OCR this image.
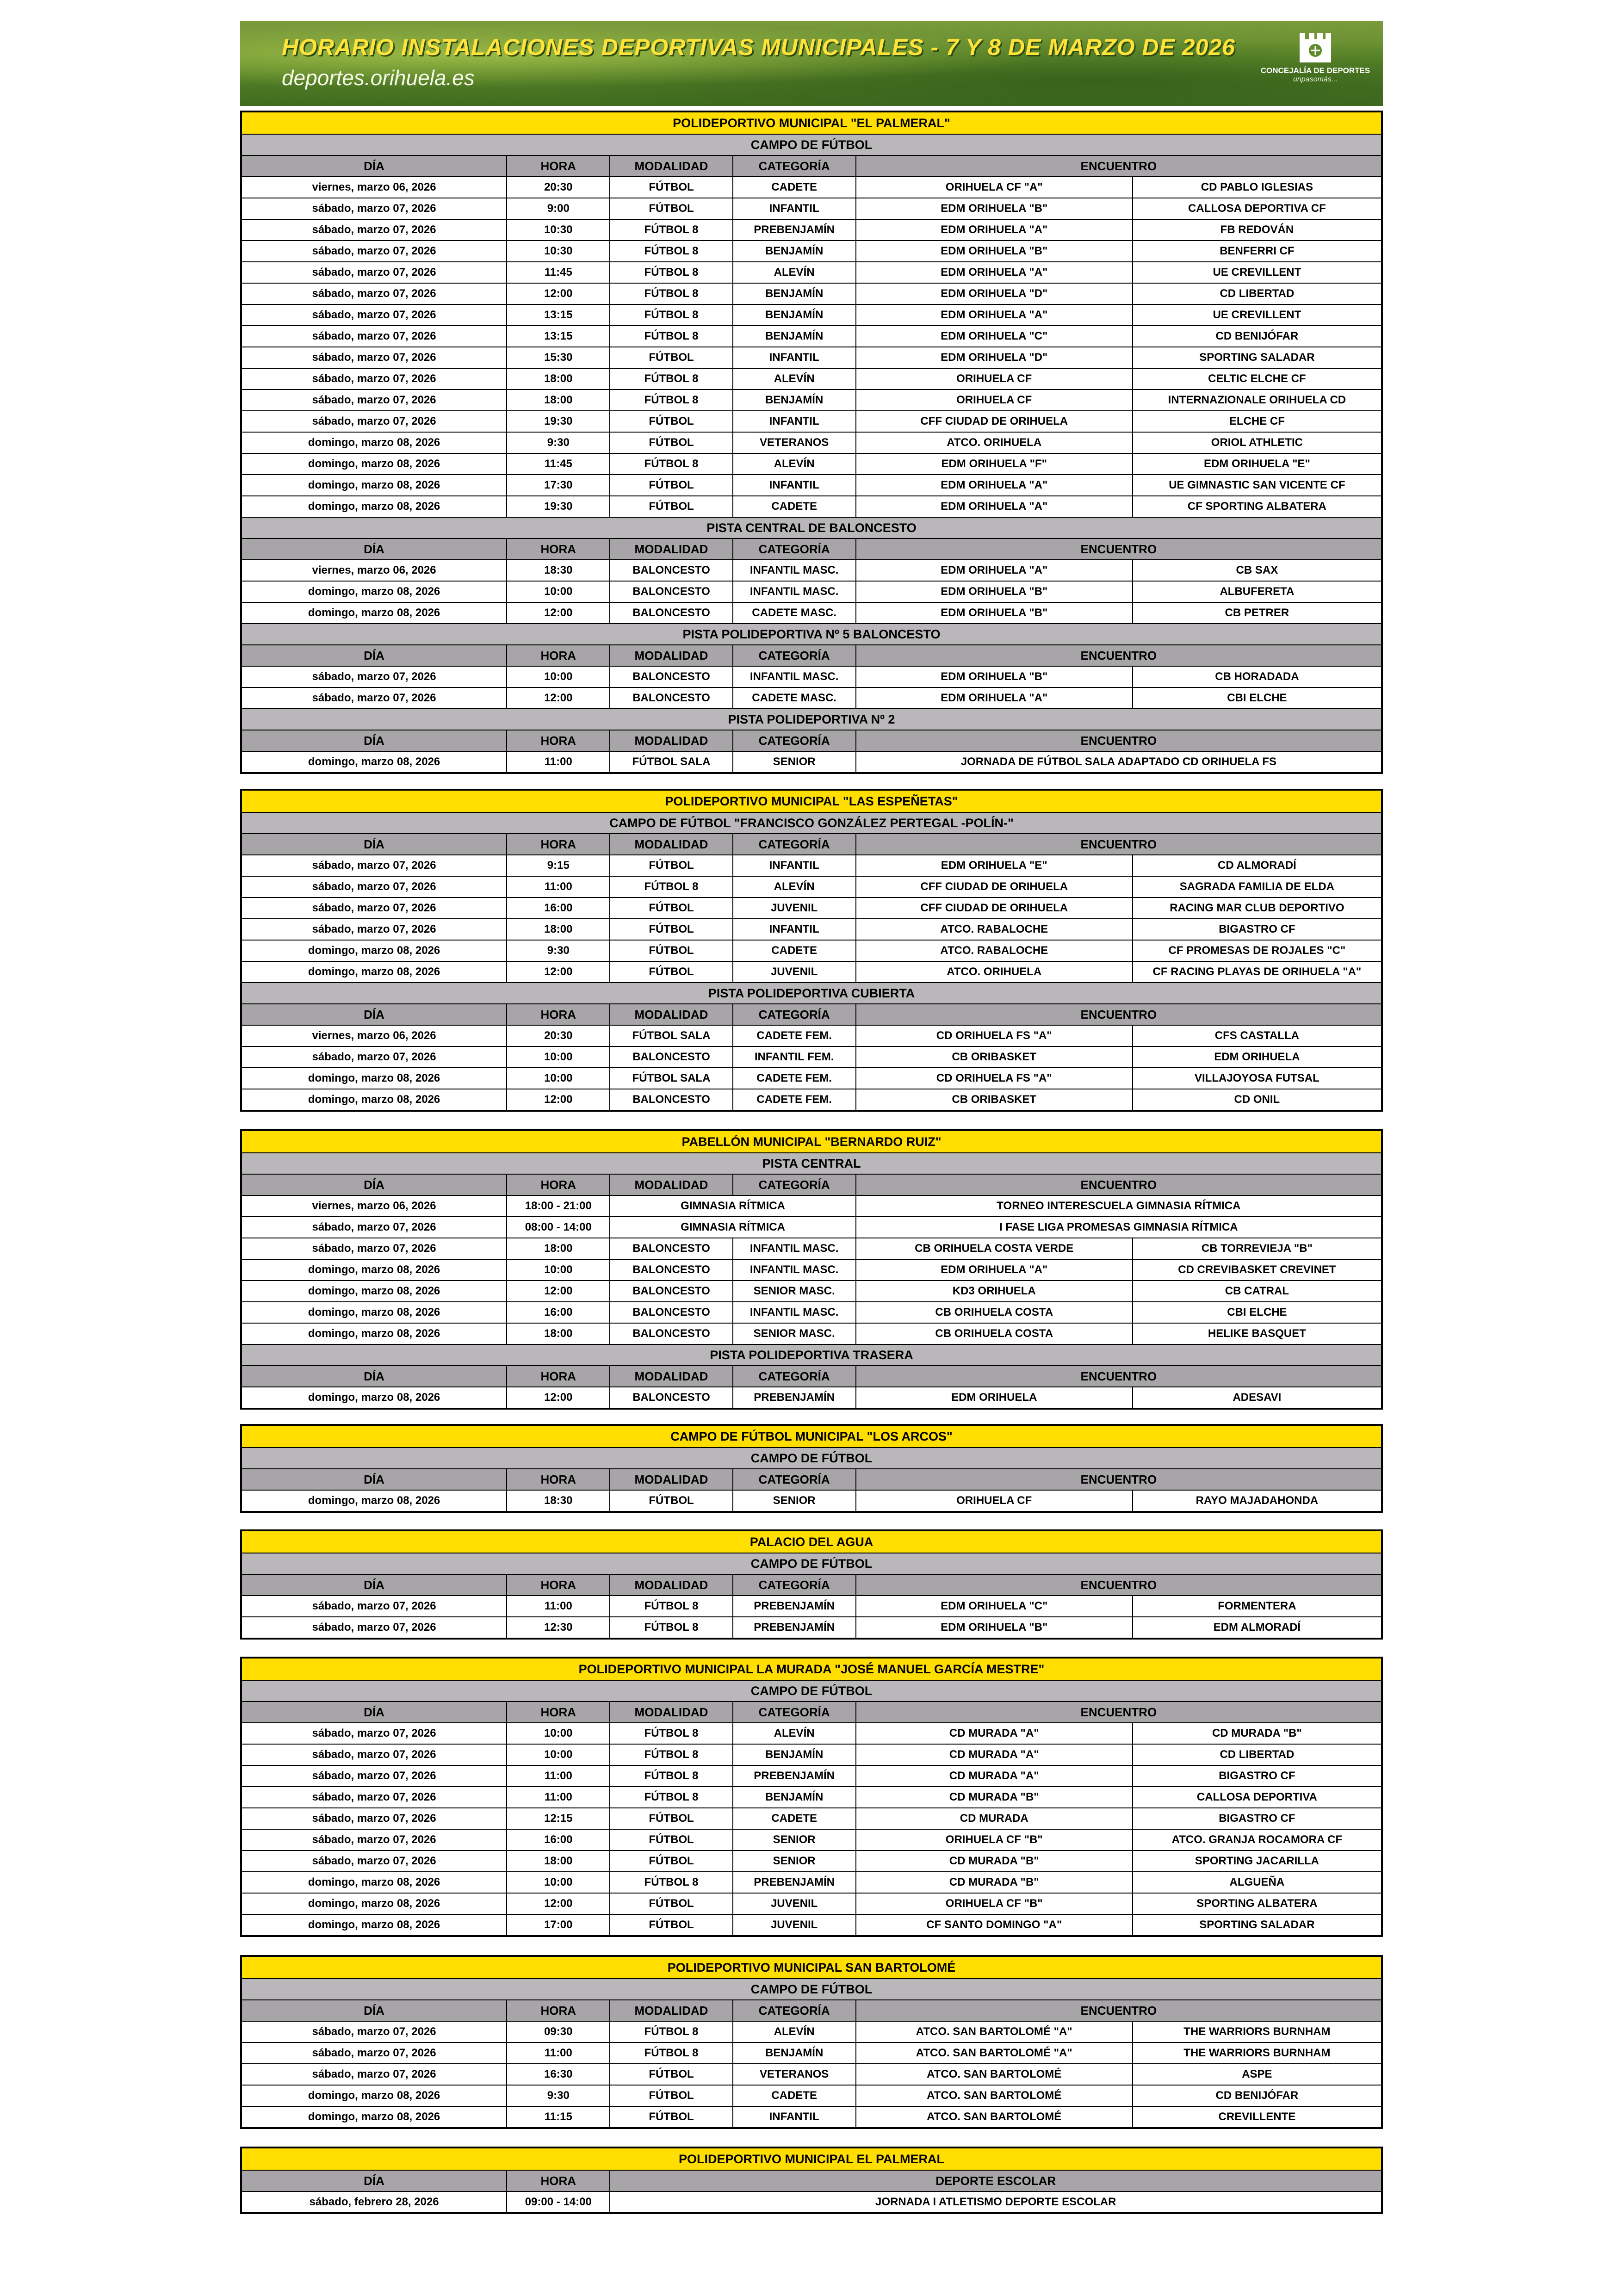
HORARIO INSTALACIONES DEPORTIVAS MUNICIPALES - 7 Y 8 DE MARZO DE 2026
deportes.orihuela.es	CONCEJALÍA DE DEPORTES
unpasomás...
POLIDEPORTIVO MUNICIPAL "EL PALMERAL"
CAMPO DE FÚTBOL
DÍA	HORA	MODALIDAD	CATEGORÍA	ENCUENTRO
viernes, marzo 06, 2026	20:30	FÚTBOL	CADETE	ORIHUELA CF "A"	CD PABLO IGLESIAS
sábado, marzo 07, 2026	9:00	FÚTBOL	INFANTIL	EDM ORIHUELA "B"	CALLOSA DEPORTIVA CF
sábado, marzo 07, 2026	10:30	FÚTBOL 8	PREBENJAMÍN	EDM ORIHUELA "A"	FB REDOVÁN
sábado, marzo 07, 2026	10:30	FÚTBOL 8	BENJAMÍN	EDM ORIHUELA "B"	BENFERRI CF
sábado, marzo 07, 2026	11:45	FÚTBOL 8	ALEVÍN	EDM ORIHUELA "A"	UE CREVILLENT
sábado, marzo 07, 2026	12:00	FÚTBOL 8	BENJAMÍN	EDM ORIHUELA "D"	CD LIBERTAD
sábado, marzo 07, 2026	13:15	FÚTBOL 8	BENJAMÍN	EDM ORIHUELA "A"	UE CREVILLENT
sábado, marzo 07, 2026	13:15	FÚTBOL 8	BENJAMÍN	EDM ORIHUELA "C"	CD BENIJÓFAR
sábado, marzo 07, 2026	15:30	FÚTBOL	INFANTIL	EDM ORIHUELA "D"	SPORTING SALADAR
sábado, marzo 07, 2026	18:00	FÚTBOL 8	ALEVÍN	ORIHUELA CF	CELTIC ELCHE CF
sábado, marzo 07, 2026	18:00	FÚTBOL 8	BENJAMÍN	ORIHUELA CF	INTERNAZIONALE ORIHUELA CD
sábado, marzo 07, 2026	19:30	FÚTBOL	INFANTIL	CFF CIUDAD DE ORIHUELA	ELCHE CF
domingo, marzo 08, 2026	9:30	FÚTBOL	VETERANOS	ATCO. ORIHUELA	ORIOL ATHLETIC
domingo, marzo 08, 2026	11:45	FÚTBOL 8	ALEVÍN	EDM ORIHUELA "F"	EDM ORIHUELA "E"
domingo, marzo 08, 2026	17:30	FÚTBOL	INFANTIL	EDM ORIHUELA "A"	UE GIMNASTIC SAN VICENTE CF
domingo, marzo 08, 2026	19:30	FÚTBOL	CADETE	EDM ORIHUELA "A"	CF SPORTING ALBATERA
PISTA CENTRAL DE BALONCESTO
DÍA	HORA	MODALIDAD	CATEGORÍA	ENCUENTRO
viernes, marzo 06, 2026	18:30	BALONCESTO	INFANTIL MASC.	EDM ORIHUELA "A"	CB SAX
domingo, marzo 08, 2026	10:00	BALONCESTO	INFANTIL MASC.	EDM ORIHUELA "B"	ALBUFERETA
domingo, marzo 08, 2026	12:00	BALONCESTO	CADETE MASC.	EDM ORIHUELA "B"	CB PETRER
PISTA POLIDEPORTIVA Nº 5 BALONCESTO
DÍA	HORA	MODALIDAD	CATEGORÍA	ENCUENTRO
sábado, marzo 07, 2026	10:00	BALONCESTO	INFANTIL MASC.	EDM ORIHUELA "B"	CB HORADADA
sábado, marzo 07, 2026	12:00	BALONCESTO	CADETE MASC.	EDM ORIHUELA "A"	CBI ELCHE
PISTA POLIDEPORTIVA Nº 2
DÍA	HORA	MODALIDAD	CATEGORÍA	ENCUENTRO
domingo, marzo 08, 2026	11:00	FÚTBOL SALA	SENIOR	JORNADA DE FÚTBOL SALA ADAPTADO CD ORIHUELA FS
POLIDEPORTIVO MUNICIPAL "LAS ESPEÑETAS"
CAMPO DE FÚTBOL "FRANCISCO GONZÁLEZ PERTEGAL -POLÍN-"
DÍA	HORA	MODALIDAD	CATEGORÍA	ENCUENTRO
sábado, marzo 07, 2026	9:15	FÚTBOL	INFANTIL	EDM ORIHUELA "E"	CD ALMORADÍ
sábado, marzo 07, 2026	11:00	FÚTBOL 8	ALEVÍN	CFF CIUDAD DE ORIHUELA	SAGRADA FAMILIA DE ELDA
sábado, marzo 07, 2026	16:00	FÚTBOL	JUVENIL	CFF CIUDAD DE ORIHUELA	RACING MAR CLUB DEPORTIVO
sábado, marzo 07, 2026	18:00	FÚTBOL	INFANTIL	ATCO. RABALOCHE	BIGASTRO CF
domingo, marzo 08, 2026	9:30	FÚTBOL	CADETE	ATCO. RABALOCHE	CF PROMESAS DE ROJALES "C"
domingo, marzo 08, 2026	12:00	FÚTBOL	JUVENIL	ATCO. ORIHUELA	CF RACING PLAYAS DE ORIHUELA "A"
PISTA POLIDEPORTIVA CUBIERTA
DÍA	HORA	MODALIDAD	CATEGORÍA	ENCUENTRO
viernes, marzo 06, 2026	20:30	FÚTBOL SALA	CADETE FEM.	CD ORIHUELA FS "A"	CFS CASTALLA
sábado, marzo 07, 2026	10:00	BALONCESTO	INFANTIL FEM.	CB ORIBASKET	EDM ORIHUELA
domingo, marzo 08, 2026	10:00	FÚTBOL SALA	CADETE FEM.	CD ORIHUELA FS "A"	VILLAJOYOSA FUTSAL
domingo, marzo 08, 2026	12:00	BALONCESTO	CADETE FEM.	CB ORIBASKET	CD ONIL
PABELLÓN MUNICIPAL "BERNARDO RUIZ"
PISTA CENTRAL
DÍA	HORA	MODALIDAD	CATEGORÍA	ENCUENTRO
viernes, marzo 06, 2026	18:00 - 21:00	GIMNASIA RÍTMICA	TORNEO INTERESCUELA GIMNASIA RÍTMICA
sábado, marzo 07, 2026	08:00 - 14:00	GIMNASIA RÍTMICA	I FASE LIGA PROMESAS GIMNASIA RÍTMICA
sábado, marzo 07, 2026	18:00	BALONCESTO	INFANTIL MASC.	CB ORIHUELA COSTA VERDE	CB TORREVIEJA "B"
domingo, marzo 08, 2026	10:00	BALONCESTO	INFANTIL MASC.	EDM ORIHUELA "A"	CD CREVIBASKET CREVINET
domingo, marzo 08, 2026	12:00	BALONCESTO	SENIOR MASC.	KD3 ORIHUELA	CB CATRAL
domingo, marzo 08, 2026	16:00	BALONCESTO	INFANTIL MASC.	CB ORIHUELA COSTA	CBI ELCHE
domingo, marzo 08, 2026	18:00	BALONCESTO	SENIOR MASC.	CB ORIHUELA COSTA	HELIKE BASQUET
PISTA POLIDEPORTIVA TRASERA
DÍA	HORA	MODALIDAD	CATEGORÍA	ENCUENTRO
domingo, marzo 08, 2026	12:00	BALONCESTO	PREBENJAMÍN	EDM ORIHUELA	ADESAVI
CAMPO DE FÚTBOL MUNICIPAL "LOS ARCOS"
CAMPO DE FÚTBOL
DÍA	HORA	MODALIDAD	CATEGORÍA	ENCUENTRO
domingo, marzo 08, 2026	18:30	FÚTBOL	SENIOR	ORIHUELA CF	RAYO MAJADAHONDA
PALACIO DEL AGUA
CAMPO DE FÚTBOL
DÍA	HORA	MODALIDAD	CATEGORÍA	ENCUENTRO
sábado, marzo 07, 2026	11:00	FÚTBOL 8	PREBENJAMÍN	EDM ORIHUELA "C"	FORMENTERA
sábado, marzo 07, 2026	12:30	FÚTBOL 8	PREBENJAMÍN	EDM ORIHUELA "B"	EDM ALMORADÍ
POLIDEPORTIVO MUNICIPAL LA MURADA "JOSÉ MANUEL GARCÍA MESTRE"
CAMPO DE FÚTBOL
DÍA	HORA	MODALIDAD	CATEGORÍA	ENCUENTRO
sábado, marzo 07, 2026	10:00	FÚTBOL 8	ALEVÍN	CD MURADA "A"	CD MURADA "B"
sábado, marzo 07, 2026	10:00	FÚTBOL 8	BENJAMÍN	CD MURADA "A"	CD LIBERTAD
sábado, marzo 07, 2026	11:00	FÚTBOL 8	PREBENJAMÍN	CD MURADA "A"	BIGASTRO CF
sábado, marzo 07, 2026	11:00	FÚTBOL 8	BENJAMÍN	CD MURADA "B"	CALLOSA DEPORTIVA
sábado, marzo 07, 2026	12:15	FÚTBOL	CADETE	CD MURADA	BIGASTRO CF
sábado, marzo 07, 2026	16:00	FÚTBOL	SENIOR	ORIHUELA CF "B"	ATCO. GRANJA ROCAMORA CF
sábado, marzo 07, 2026	18:00	FÚTBOL	SENIOR	CD MURADA "B"	SPORTING JACARILLA
domingo, marzo 08, 2026	10:00	FÚTBOL 8	PREBENJAMÍN	CD MURADA "B"	ALGUEÑA
domingo, marzo 08, 2026	12:00	FÚTBOL	JUVENIL	ORIHUELA CF "B"	SPORTING ALBATERA
domingo, marzo 08, 2026	17:00	FÚTBOL	JUVENIL	CF SANTO DOMINGO "A"	SPORTING SALADAR
POLIDEPORTIVO MUNICIPAL SAN BARTOLOMÉ
CAMPO DE FÚTBOL
DÍA	HORA	MODALIDAD	CATEGORÍA	ENCUENTRO
sábado, marzo 07, 2026	09:30	FÚTBOL 8	ALEVÍN	ATCO. SAN BARTOLOMÉ "A"	THE WARRIORS BURNHAM
sábado, marzo 07, 2026	11:00	FÚTBOL 8	BENJAMÍN	ATCO. SAN BARTOLOMÉ "A"	THE WARRIORS BURNHAM
sábado, marzo 07, 2026	16:30	FÚTBOL	VETERANOS	ATCO. SAN BARTOLOMÉ	ASPE
domingo, marzo 08, 2026	9:30	FÚTBOL	CADETE	ATCO. SAN BARTOLOMÉ	CD BENIJÓFAR
domingo, marzo 08, 2026	11:15	FÚTBOL	INFANTIL	ATCO. SAN BARTOLOMÉ	CREVILLENTE
POLIDEPORTIVO MUNICIPAL EL PALMERAL
DÍA	HORA	DEPORTE ESCOLAR
sábado, febrero 28, 2026	09:00 - 14:00	JORNADA I ATLETISMO DEPORTE ESCOLAR
